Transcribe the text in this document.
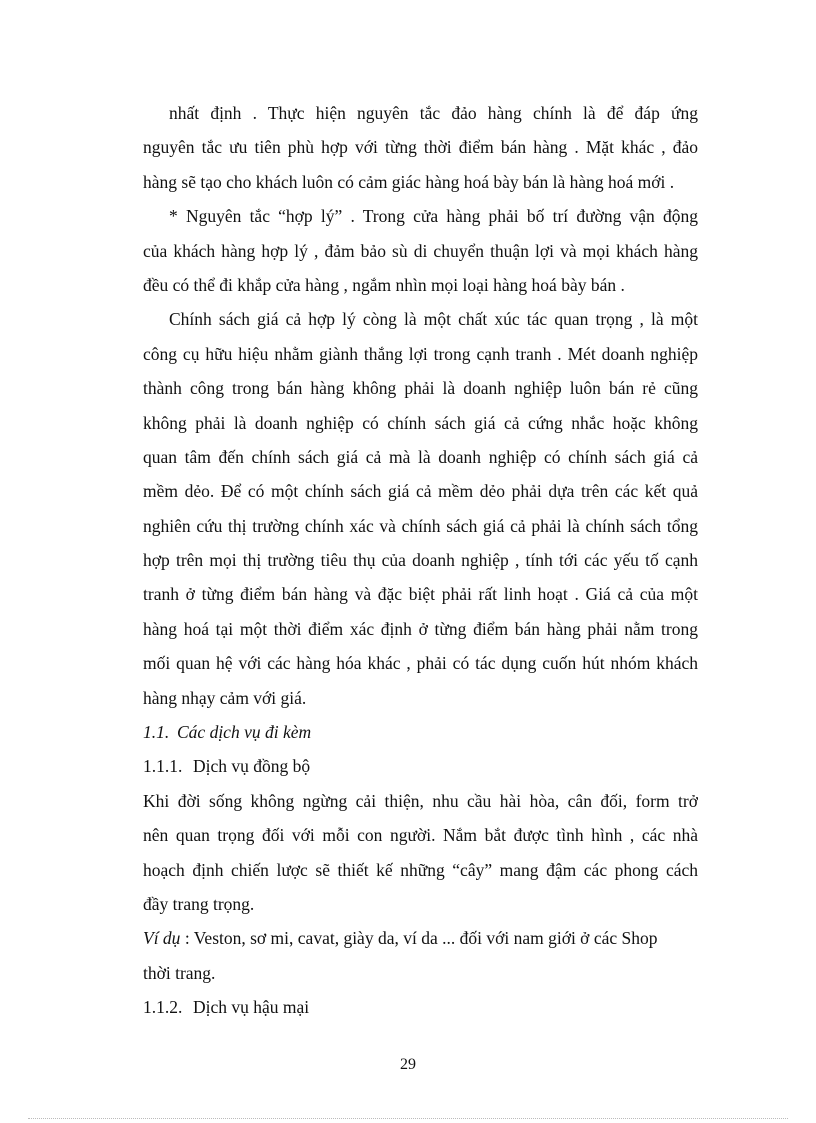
nhất định . Thực hiện nguyên tắc đảo hàng chính là để đáp ứng
nguyên tắc ưu tiên phù hợp với từng thời điểm bán hàng . Mặt khác , đảo
hàng sẽ tạo cho khách luôn có cảm giác hàng hoá bày bán là hàng hoá mới .
* Nguyên tắc “hợp lý” . Trong cửa hàng phải bố trí đường vận động
của khách hàng hợp lý , đảm bảo sù di chuyển thuận lợi và mọi khách hàng
đều có thể đi khắp cửa hàng , ngắm nhìn mọi loại hàng hoá bày bán .
Chính sách giá cả hợp lý còng là một chất xúc tác quan trọng , là một
công cụ hữu hiệu nhằm giành thắng lợi trong cạnh tranh . Mét doanh nghiệp
thành công trong bán hàng không phải là doanh nghiệp luôn bán rẻ cũng
không phải là doanh nghiệp có chính sách giá cả cứng nhắc hoặc không
quan tâm đến chính sách giá cả mà là doanh nghiệp có chính sách giá cả
mềm dẻo. Để có một chính sách giá cả mềm dẻo phải dựa trên các kết quả
nghiên cứu thị trường chính xác và chính sách giá cả phải là chính sách tổng
hợp trên mọi thị trường tiêu thụ của doanh nghiệp , tính tới các yếu tố cạnh
tranh ở từng điểm bán hàng và đặc biệt phải rất linh hoạt . Giá cả của một
hàng hoá tại một thời điểm xác định ở từng điểm bán hàng phải nằm trong
mối quan hệ với các hàng hóa khác , phải có tác dụng cuốn hút nhóm khách
hàng nhạy cảm với giá.
1.1. Các dịch vụ đi kèm
1.1.1. Dịch vụ đồng bộ
Khi đời sống không ngừng cải thiện, nhu cầu hài hòa, cân đối, form trở
nên quan trọng đối với mỗi con người. Nắm bắt được tình hình , các nhà
hoạch định chiến lược sẽ thiết kế những “cây” mang đậm các phong cách
đầy trang trọng.
Ví dụ : Veston, sơ mi, cavat, giày da, ví da ... đối với nam giới ở các Shop
thời trang.
1.1.2. Dịch vụ hậu mại
29
